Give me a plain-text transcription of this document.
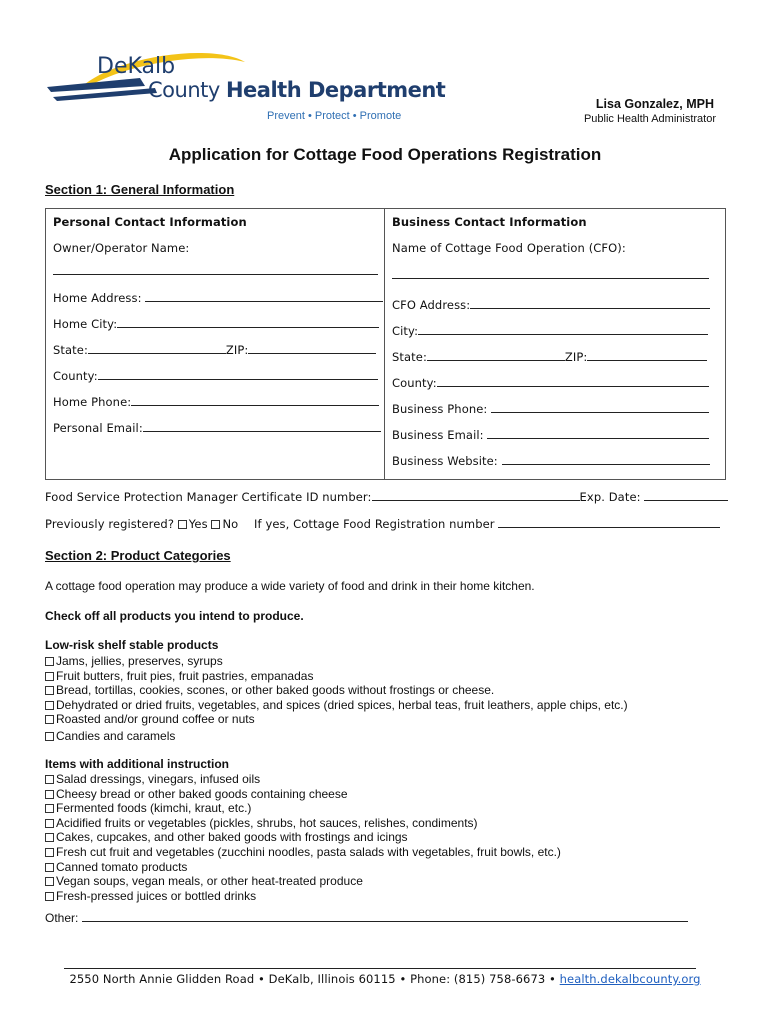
DeKalb
County Health Department
Prevent • Protect • Promote
Lisa Gonzalez, MPH
Public Health Administrator
Application for Cottage Food Operations Registration
Section 1: General Information
Personal Contact Information
Owner/Operator Name:
Home Address:
Home City:
State:	ZIP:
County:
Home Phone:
Personal Email:
Business Contact Information
Name of Cottage Food Operation (CFO):
CFO Address:
City:
State:	ZIP:
County:
Business Phone:
Business Email:
Business Website:
Food Service Protection Manager Certificate ID number:	Exp. Date:
Previously registered? Yes No If yes, Cottage Food Registration number
Section 2: Product Categories
A cottage food operation may produce a wide variety of food and drink in their home kitchen.
Check off all products you intend to produce.
Low-risk shelf stable products
Jams, jellies, preserves, syrups
Fruit butters, fruit pies, fruit pastries, empanadas
Bread, tortillas, cookies, scones, or other baked goods without frostings or cheese.
Dehydrated or dried fruits, vegetables, and spices (dried spices, herbal teas, fruit leathers, apple chips, etc.)
Roasted and/or ground coffee or nuts
Candies and caramels
Items with additional instruction
Salad dressings, vinegars, infused oils
Cheesy bread or other baked goods containing cheese
Fermented foods (kimchi, kraut, etc.)
Acidified fruits or vegetables (pickles, shrubs, hot sauces, relishes, condiments)
Cakes, cupcakes, and other baked goods with frostings and icings
Fresh cut fruit and vegetables (zucchini noodles, pasta salads with vegetables, fruit bowls, etc.)
Canned tomato products
Vegan soups, vegan meals, or other heat-treated produce
Fresh-pressed juices or bottled drinks
Other:
2550 North Annie Glidden Road • DeKalb, Illinois 60115 • Phone: (815) 758-6673 • health.dekalbcounty.org
